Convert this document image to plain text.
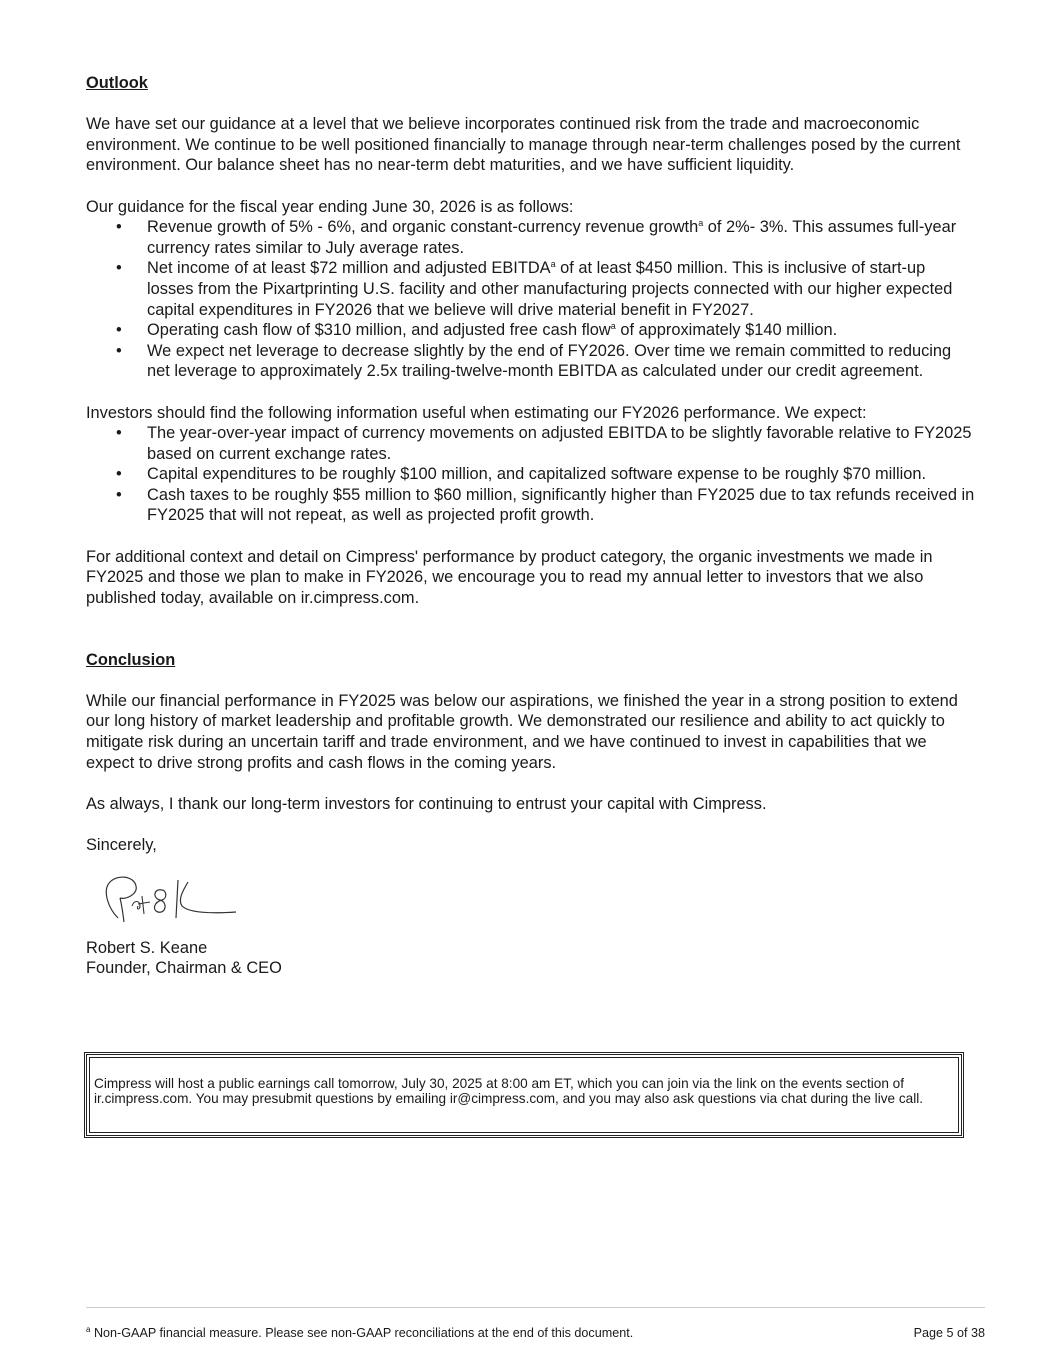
Outlook

We have set our guidance at a level that we believe incorporates continued risk from the trade and macroeconomic environment. We continue to be well positioned financially to manage through near-term challenges posed by the current environment. Our balance sheet has no near-term debt maturities, and we have sufficient liquidity.

Our guidance for the fiscal year ending June 30, 2026 is as follows:

• Revenue growth of 5% - 6%, and organic constant-currency revenue growth$^a$ of 2%- 3%. This assumes full-year currency rates similar to July average rates.
• Net income of at least $72 million and adjusted EBITDA$^a$ of at least $450 million. This is inclusive of start-up losses from the Pixartprinting U.S. facility and other manufacturing projects connected with our higher expected capital expenditures in FY2026 that we believe will drive material benefit in FY2027.
• Operating cash flow of $310 million, and adjusted free cash flow$^a$ of approximately $140 million.
• We expect net leverage to decrease slightly by the end of FY2026. Over time we remain committed to reducing net leverage to approximately 2.5x trailing-twelve-month EBITDA as calculated under our credit agreement.

Investors should find the following information useful when estimating our FY2026 performance. We expect:

• The year-over-year impact of currency movements on adjusted EBITDA to be slightly favorable relative to FY2025 based on current exchange rates.
• Capital expenditures to be roughly $100 million, and capitalized software expense to be roughly $70 million.
• Cash taxes to be roughly $55 million to $60 million, significantly higher than FY2025 due to tax refunds received in FY2025 that will not repeat, as well as projected profit growth.

For additional context and detail on Cimpress' performance by product category, the organic investments we made in FY2025 and those we plan to make in FY2026, we encourage you to read my annual letter to investors that we also published today, available on ir.cimpress.com.

Conclusion

While our financial performance in FY2025 was below our aspirations, we finished the year in a strong position to extend our long history of market leadership and profitable growth. We demonstrated our resilience and ability to act quickly to mitigate risk during an uncertain tariff and trade environment, and we have continued to invest in capabilities that we expect to drive strong profits and cash flows in the coming years.

As always, I thank our long-term investors for continuing to entrust your capital with Cimpress.

Sincerely,

Robert S. Keane

Founder, Chairman & CEO

Cimpress will host a public earnings call tomorrow, July 30, 2025 at 8:00 am ET, which you can join via the link on the events section of ir.cimpress.com. You may presubmit questions by emailing ir@cimpress.com, and you may also ask questions via chat during the live call.
$^a$ Non-GAAP financial measure. Please see non-GAAP reconciliations at the end of this document.	Page 5 of 38
